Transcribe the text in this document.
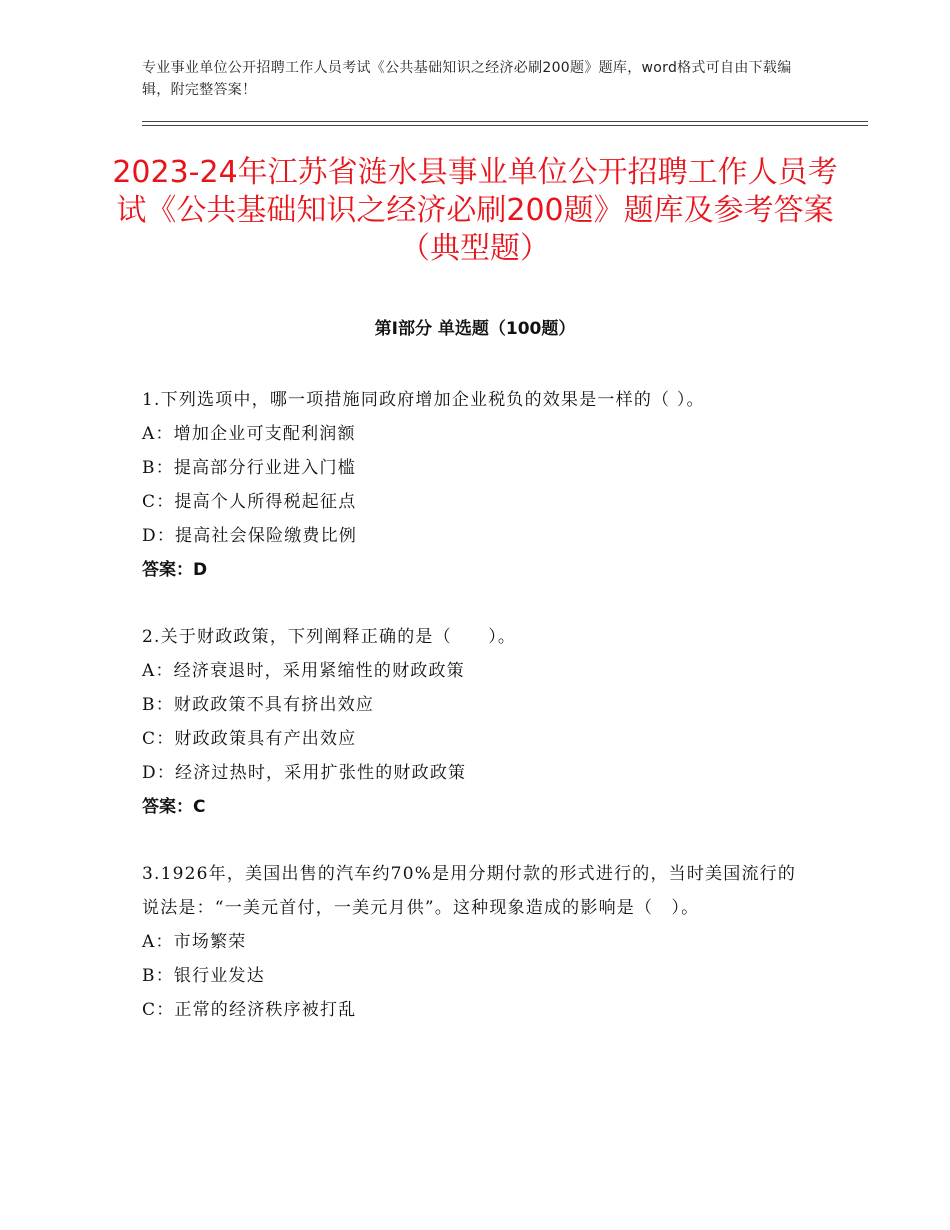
专业事业单位公开招聘工作人员考试《公共基础知识之经济必刷200题》题库，word格式可自由下载编辑，附完整答案！
2023-24年江苏省涟水县事业单位公开招聘工作人员考试《公共基础知识之经济必刷200题》题库及参考答案（典型题）
第Ⅰ部分 单选题（100题）
1.下列选项中，哪一项措施同政府增加企业税负的效果是一样的（ ）。
A：增加企业可支配利润额
B：提高部分行业进入门槛
C：提高个人所得税起征点
D：提高社会保险缴费比例
答案：D
2.关于财政政策，下列阐释正确的是（　　）。
A：经济衰退时，采用紧缩性的财政政策
B：财政政策不具有挤出效应
C：财政政策具有产出效应
D：经济过热时，采用扩张性的财政政策
答案：C
3.1926年，美国出售的汽车约70%是用分期付款的形式进行的，当时美国流行的说法是：“一美元首付，一美元月供”。这种现象造成的影响是（　）。
A：市场繁荣
B：银行业发达
C：正常的经济秩序被打乱
